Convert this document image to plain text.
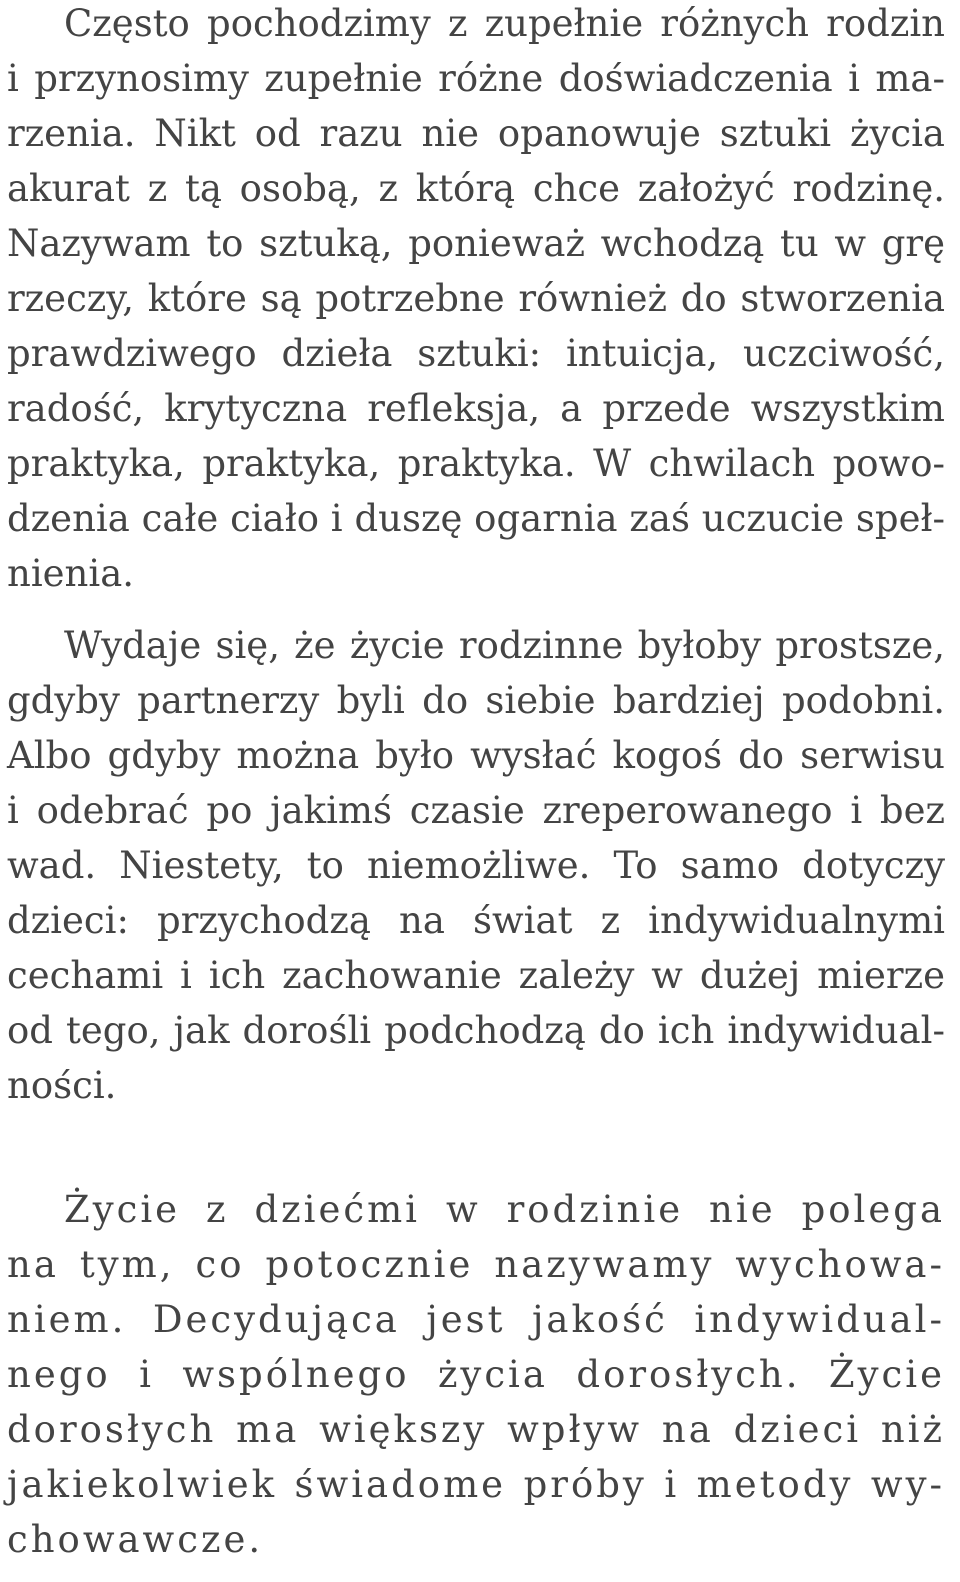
Często pochodzimy z zupełnie różnych rodzin
i przynosimy zupełnie różne doświadczenia i ma-
rzenia. Nikt od razu nie opanowuje sztuki życia
akurat z tą osobą, z którą chce założyć rodzinę.
Nazywam to sztuką, ponieważ wchodzą tu w grę
rzeczy, które są potrzebne również do stworzenia
prawdziwego dzieła sztuki: intuicja, uczciwość,
radość, krytyczna refleksja, a przede wszystkim
praktyka, praktyka, praktyka. W chwilach powo-
dzenia całe ciało i duszę ogarnia zaś uczucie speł-
nienia.
Wydaje się, że życie rodzinne byłoby prostsze,
gdyby partnerzy byli do siebie bardziej podobni.
Albo gdyby można było wysłać kogoś do serwisu
i odebrać po jakimś czasie zreperowanego i bez
wad. Niestety, to niemożliwe. To samo dotyczy
dzieci: przychodzą na świat z indywidualnymi
cechami i ich zachowanie zależy w dużej mierze
od tego, jak dorośli podchodzą do ich indywidual-
ności.
Życie z dziećmi w rodzinie nie polega
na tym, co potocznie nazywamy wychowa-
niem. Decydująca jest jakość indywidual-
nego i wspólnego życia dorosłych. Życie
dorosłych ma większy wpływ na dzieci niż
jakiekolwiek świadome próby i metody wy-
chowawcze.
